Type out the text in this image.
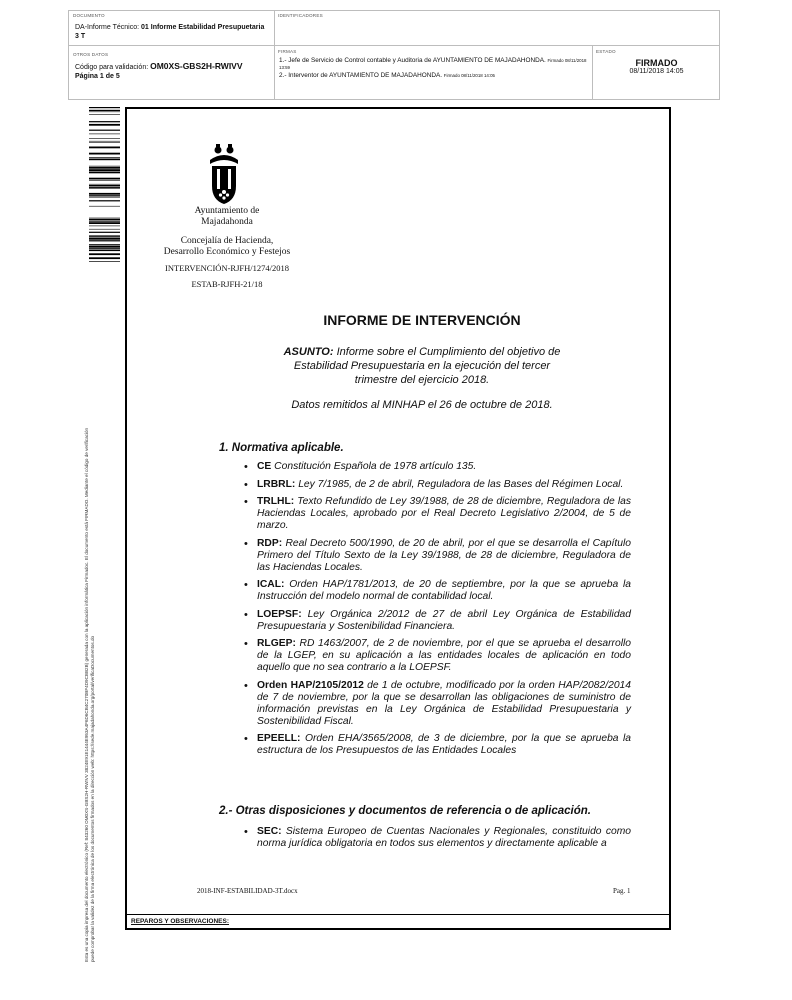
DOCUMENTO
DA-Informe Técnico: 01 Informe Estabilidad Presupuetaria 3 T
IDENTIFICADORES
OTROS DATOS
Código para validación: OM0XS-GBS2H-RWIVV
Página 1 de 5
FIRMAS
1.- Jefe de Servicio de Control contable y Auditoria de AYUNTAMIENTO DE MAJADAHONDA. Firmado 08/11/2018 13:59
2.- Interventor de AYUNTAMIENTO DE MAJADAHONDA. Firmado 08/11/2018 14:05
ESTADO
FIRMADO
08/11/2018 14:05
Esta es una copia impresa del documento electrónico (Ref: 843260 OM0XS-GBS2H-RWIVV 3824E91E1444E953A4F6D6CB4C270BF4D9CBB2B) generada con la aplicación informática Firmadoc. El documento está FIRMADO. Mediante el código de verificación puede comprobar la validez de la firma electrónica de los documentos firmados en la dirección web: https://sede.majadahonda.org/portal/verificaDocumentos.do
Ayuntamiento de
Majadahonda
Concejalía de Hacienda,
Desarrollo Económico y Festejos
INTERVENCIÓN-RJFH/1274/2018
ESTAB-RJFH-21/18
INFORME DE INTERVENCIÓN
ASUNTO: Informe sobre el Cumplimiento del objetivo de
Estabilidad Presupuestaria en la ejecución del tercer
trimestre del ejercicio 2018.
Datos remitidos al MINHAP el 26 de octubre de 2018.
1. Normativa aplicable.
• CE Constitución Española de 1978 artículo 135.
• LRBRL: Ley 7/1985, de 2 de abril, Reguladora de las Bases del Régimen Local.
• TRLHL: Texto Refundido de Ley 39/1988, de 28 de diciembre, Reguladora de las Haciendas Locales, aprobado por el Real Decreto Legislativo 2/2004, de 5 de marzo.
• RDP: Real Decreto 500/1990, de 20 de abril, por el que se desarrolla el Capítulo Primero del Título Sexto de la Ley 39/1988, de 28 de diciembre, Reguladora de las Haciendas Locales.
• ICAL: Orden HAP/1781/2013, de 20 de septiembre, por la que se aprueba la Instrucción del modelo normal de contabilidad local.
• LOEPSF: Ley Orgánica 2/2012 de 27 de abril Ley Orgánica de Estabilidad Presupuestaria y Sostenibilidad Financiera.
• RLGEP: RD 1463/2007, de 2 de noviembre, por el que se aprueba el desarrollo de la LGEP, en su aplicación a las entidades locales de aplicación en todo aquello que no sea contrario a la LOEPSF.
• Orden HAP/2105/2012 de 1 de octubre, modificado por la orden HAP/2082/2014 de 7 de noviembre, por la que se desarrollan las obligaciones de suministro de información previstas en la Ley Orgánica de Estabilidad Presupuestaria y Sostenibilidad Fiscal.
• EPEELL: Orden EHA/3565/2008, de 3 de diciembre, por la que se aprueba la estructura de los Presupuestos de las Entidades Locales
2.- Otras disposiciones y documentos de referencia o de aplicación.
• SEC: Sistema Europeo de Cuentas Nacionales y Regionales, constituido como norma jurídica obligatoria en todos sus elementos y directamente aplicable a
2018-INF-ESTABILIDAD-3T.docx	Pag. 1
REPAROS Y OBSERVACIONES:
